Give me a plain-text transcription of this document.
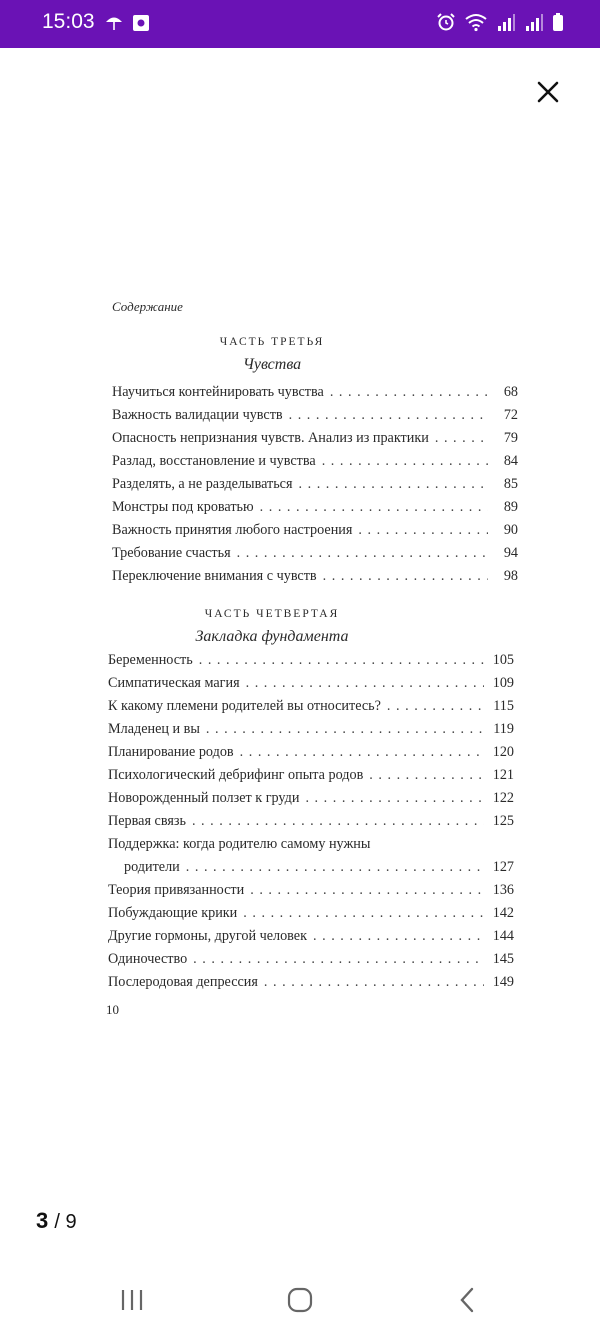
15:03
Содержание
ЧАСТЬ ТРЕТЬЯ
Чувства
Научиться контейнировать чувства . . .	68
Важность валидации чувств . . .	72
Опасность непризнания чувств. Анализ из практики . . .	79
Разлад, восстановление и чувства . . .	84
Разделять, а не разделываться . . .	85
Монстры под кроватью . . .	89
Важность принятия любого настроения . . .	90
Требование счастья . . .	94
Переключение внимания с чувств . . .	98
ЧАСТЬ ЧЕТВЕРТАЯ
Закладка фундамента
Беременность . . .	105
Симпатическая магия . . .	109
К какому племени родителей вы относитесь? . . .	115
Младенец и вы . . .	119
Планирование родов . . .	120
Психологический дебрифинг опыта родов . . .	121
Новорожденный ползет к груди . . .	122
Первая связь . . .	125
Поддержка: когда родителю самому нужны
родители . . .	127
Теория привязанности . . .	136
Побуждающие крики . . .	142
Другие гормоны, другой человек . . .	144
Одиночество . . .	145
Послеродовая депрессия . . .	149
10
3 / 9
